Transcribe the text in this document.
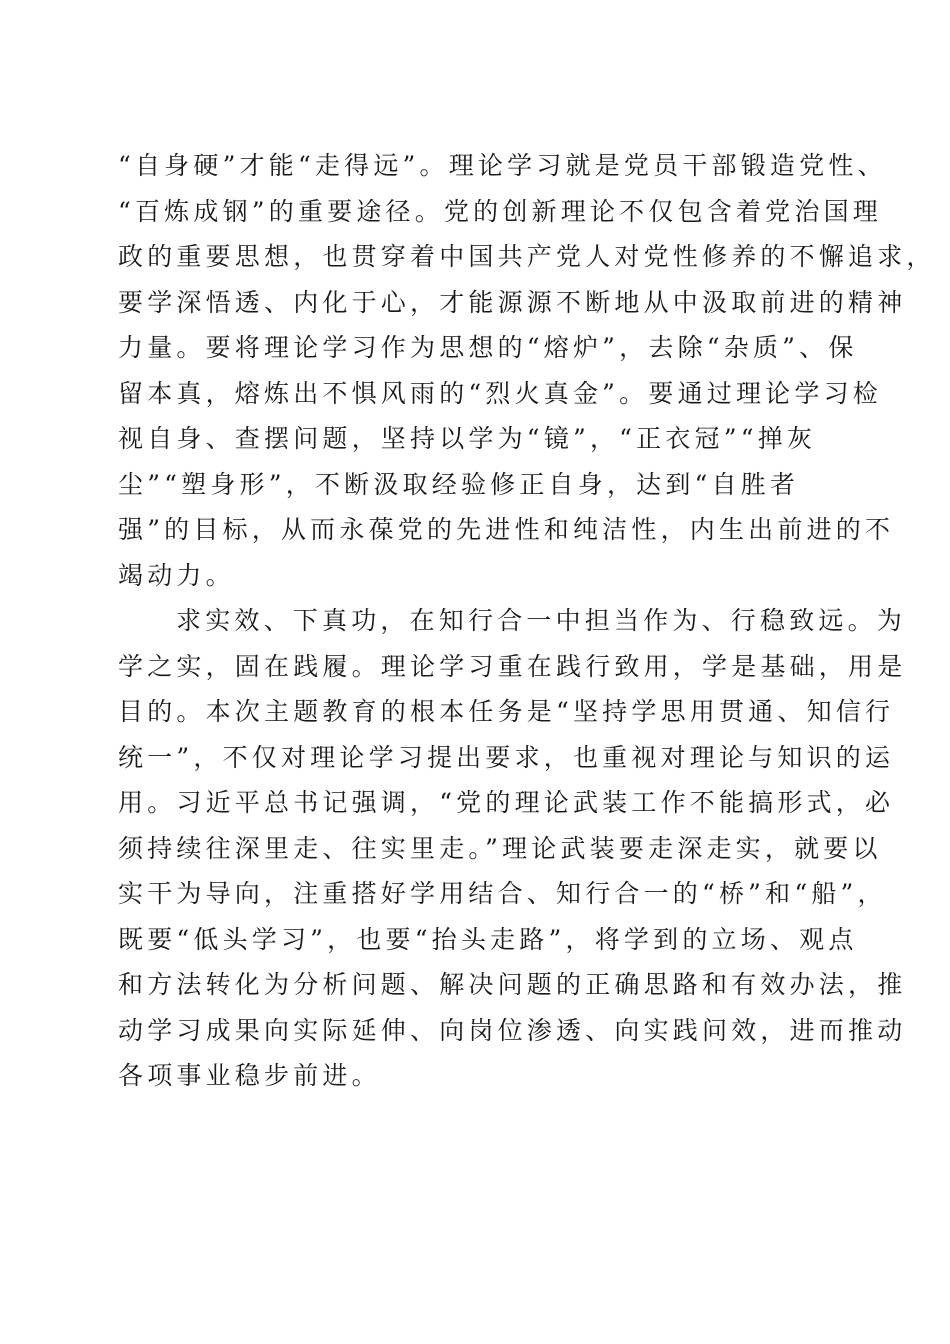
“自身硬”才能“走得远”。理论学习就是党员干部锻造党性、
“百炼成钢”的重要途径。党的创新理论不仅包含着党治国理
政的重要思想，也贯穿着中国共产党人对党性修养的不懈追求，
要学深悟透、内化于心，才能源源不断地从中汲取前进的精神
力量。要将理论学习作为思想的“熔炉”，去除“杂质”、保
留本真，熔炼出不惧风雨的“烈火真金”。要通过理论学习检
视自身、查摆问题，坚持以学为“镜”，“正衣冠”“掸灰
尘”“塑身形”，不断汲取经验修正自身，达到“自胜者
强”的目标，从而永葆党的先进性和纯洁性，内生出前进的不
竭动力。
求实效、下真功，在知行合一中担当作为、行稳致远。为
学之实，固在践履。理论学习重在践行致用，学是基础，用是
目的。本次主题教育的根本任务是“坚持学思用贯通、知信行
统一”，不仅对理论学习提出要求，也重视对理论与知识的运
用。习近平总书记强调，“党的理论武装工作不能搞形式，必
须持续往深里走、往实里走。”理论武装要走深走实，就要以
实干为导向，注重搭好学用结合、知行合一的“桥”和“船”，
既要“低头学习”，也要“抬头走路”，将学到的立场、观点
和方法转化为分析问题、解决问题的正确思路和有效办法，推
动学习成果向实际延伸、向岗位渗透、向实践问效，进而推动
各项事业稳步前进。
